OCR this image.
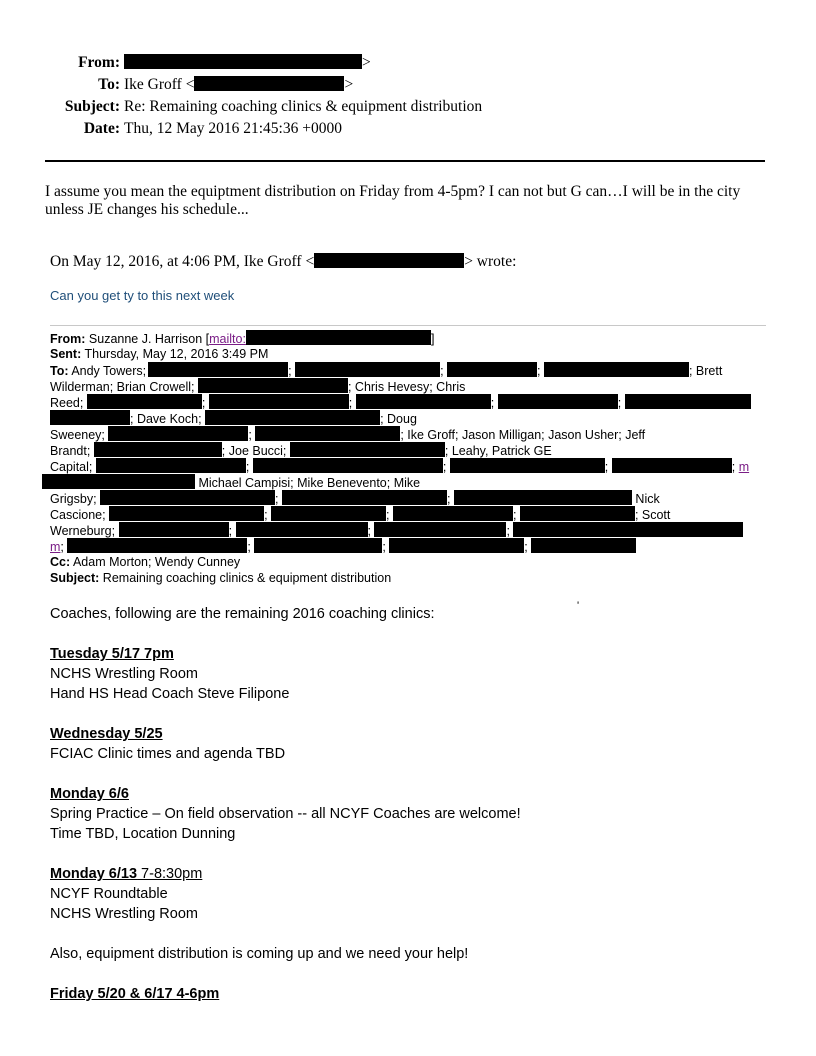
From:	>
To: Ike Groff <	>
Subject: Re: Remaining coaching clinics & equipment distribution
Date: Thu, 12 May 2016 21:45:36 +0000
I assume you mean the equiptment distribution on Friday from 4-5pm? I can not but G can…I will be in the city unless JE changes his schedule...
On May 12, 2016, at 4:06 PM, Ike Groff <	> wrote:
Can you get ty to this next week
From: Suzanne J. Harrison [mailto:	]
Sent: Thursday, May 12, 2016 3:49 PM
To: Andy Towers;	;	;	;	; Brett
Wilderman; Brian Crowell;	; Chris Hevesy; Chris
Reed;	;	;	;	;
; Dave Koch;	; Doug
Sweeney;	;	; Ike Groff; Jason Milligan; Jason Usher; Jeff
Brandt;	; Joe Bucci;	; Leahy, Patrick GE
Capital;	;	;	;	; m
Michael Campisi; Mike Benevento; Mike
Grigsby;	;	;	Nick
Cascione;	;	;	;	; Scott
Werneburg;	;	;	;
m;	;	;	;
Cc: Adam Morton; Wendy Cunney
Subject: Remaining coaching clinics & equipment distribution
'
Coaches, following are the remaining 2016 coaching clinics:
Tuesday 5/17 7pm
NCHS Wrestling Room
Hand HS Head Coach Steve Filipone
Wednesday 5/25
FCIAC Clinic times and agenda TBD
Monday 6/6
Spring Practice – On field observation -- all NCYF Coaches are welcome!
Time TBD, Location Dunning
Monday 6/13 7-8:30pm
NCYF Roundtable
NCHS Wrestling Room
Also, equipment distribution is coming up and we need your help!
Friday 5/20 & 6/17 4-6pm
